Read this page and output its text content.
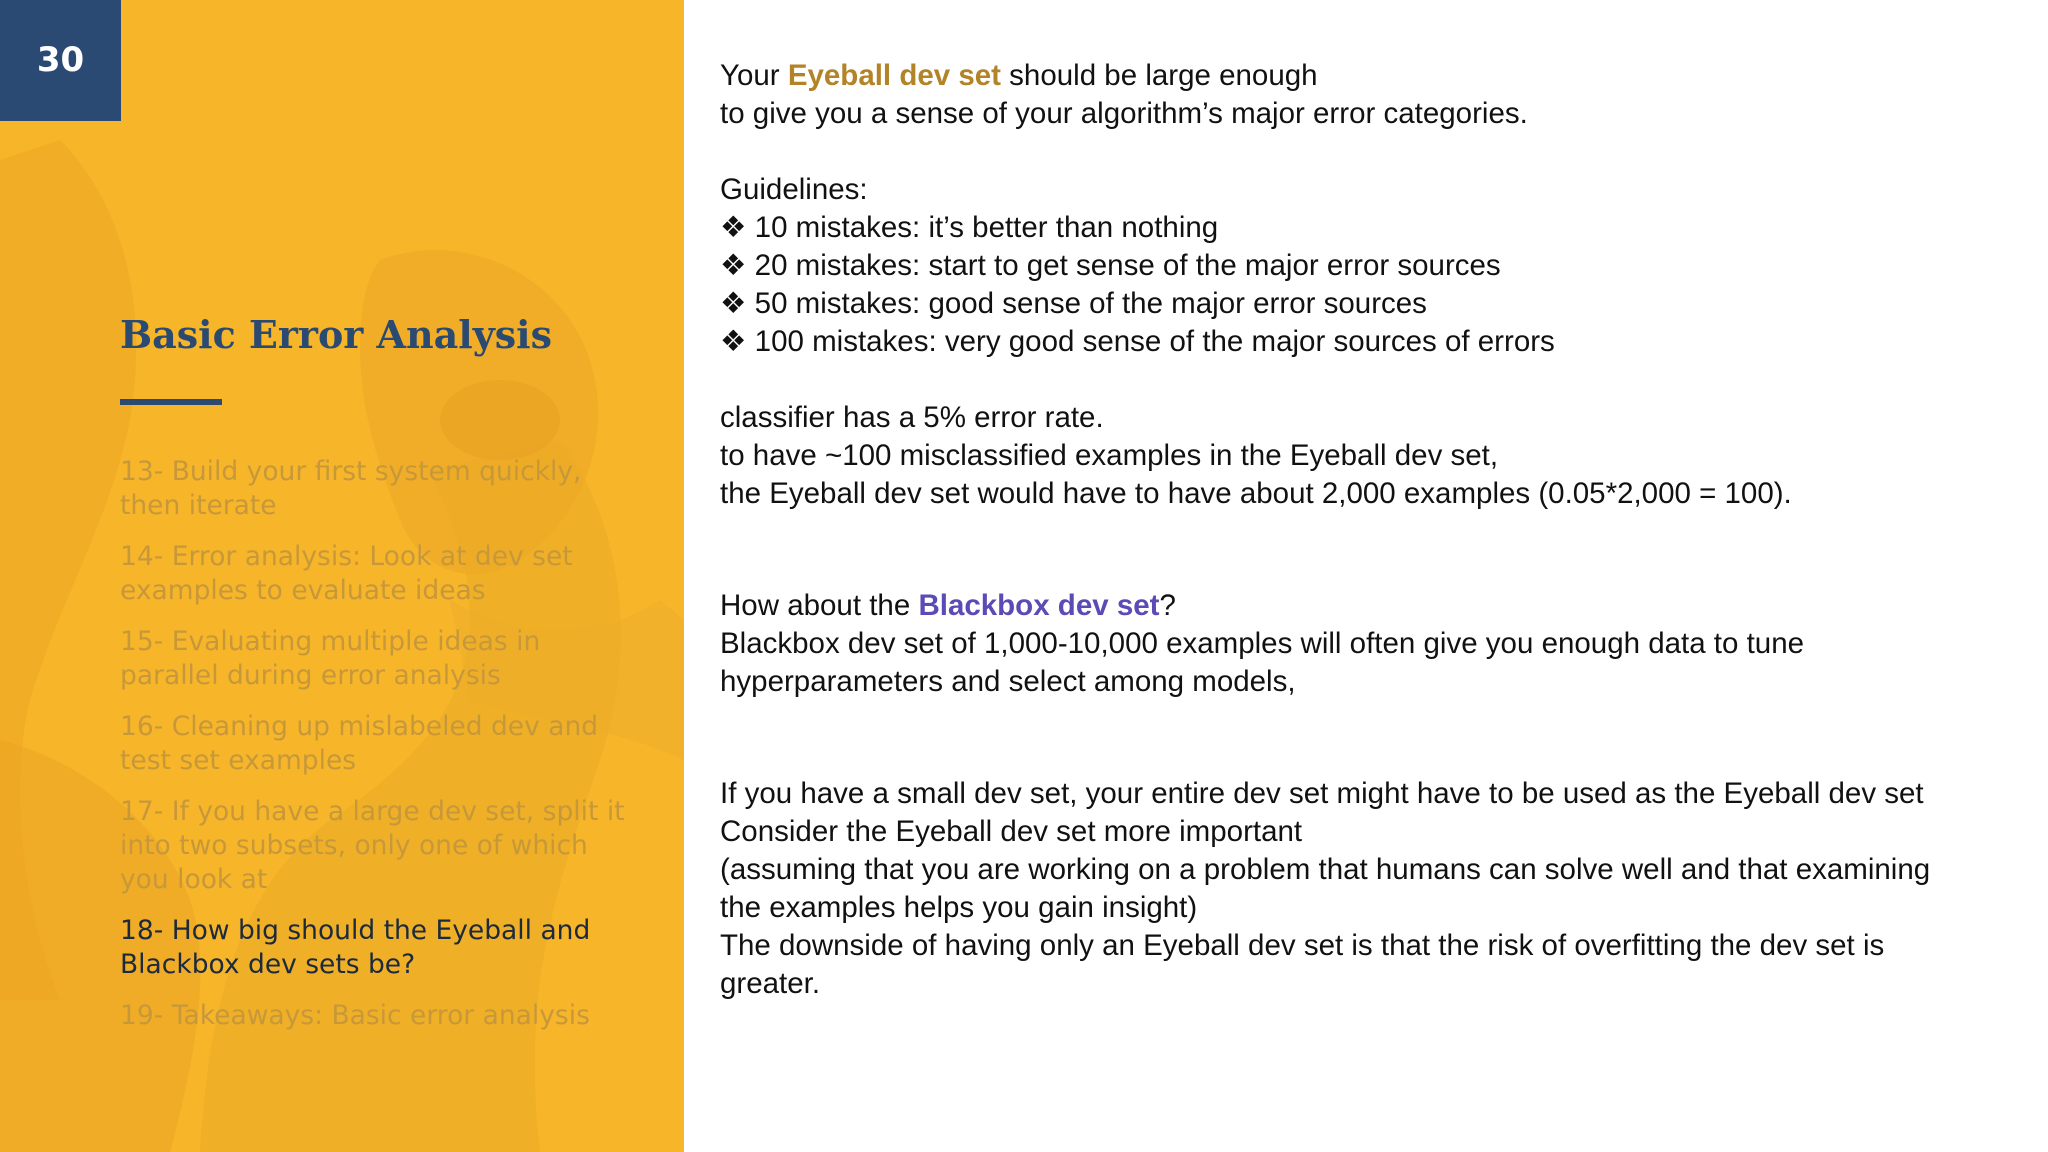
30
Basic Error Analysis
13- Build your first system quickly, then iterate
14- Error analysis: Look at dev set examples to evaluate ideas
15- Evaluating multiple ideas in parallel during error analysis
16- Cleaning up mislabeled dev and test set examples
17- If you have a large dev set, split it into two subsets, only one of which you look at
18- How big should the Eyeball and Blackbox dev sets be?
19- Takeaways: Basic error analysis
Your Eyeball dev set should be large enough
to give you a sense of your algorithm’s major error categories.
Guidelines:
❖ 10 mistakes: it’s better than nothing
❖ 20 mistakes: start to get sense of the major error sources
❖ 50 mistakes: good sense of the major error sources
❖ 100 mistakes: very good sense of the major sources of errors
classifier has a 5% error rate.
to have ~100 misclassified examples in the Eyeball dev set,
the Eyeball dev set would have to have about 2,000 examples (0.05*2,000 = 100).
How about the Blackbox dev set?
Blackbox dev set of 1,000-10,000 examples will often give you enough data to tune
hyperparameters and select among models,
If you have a small dev set, your entire dev set might have to be used as the Eyeball dev set
Consider the Eyeball dev set more important
(assuming that you are working on a problem that humans can solve well and that examining
the examples helps you gain insight)
The downside of having only an Eyeball dev set is that the risk of overfitting the dev set is
greater.
